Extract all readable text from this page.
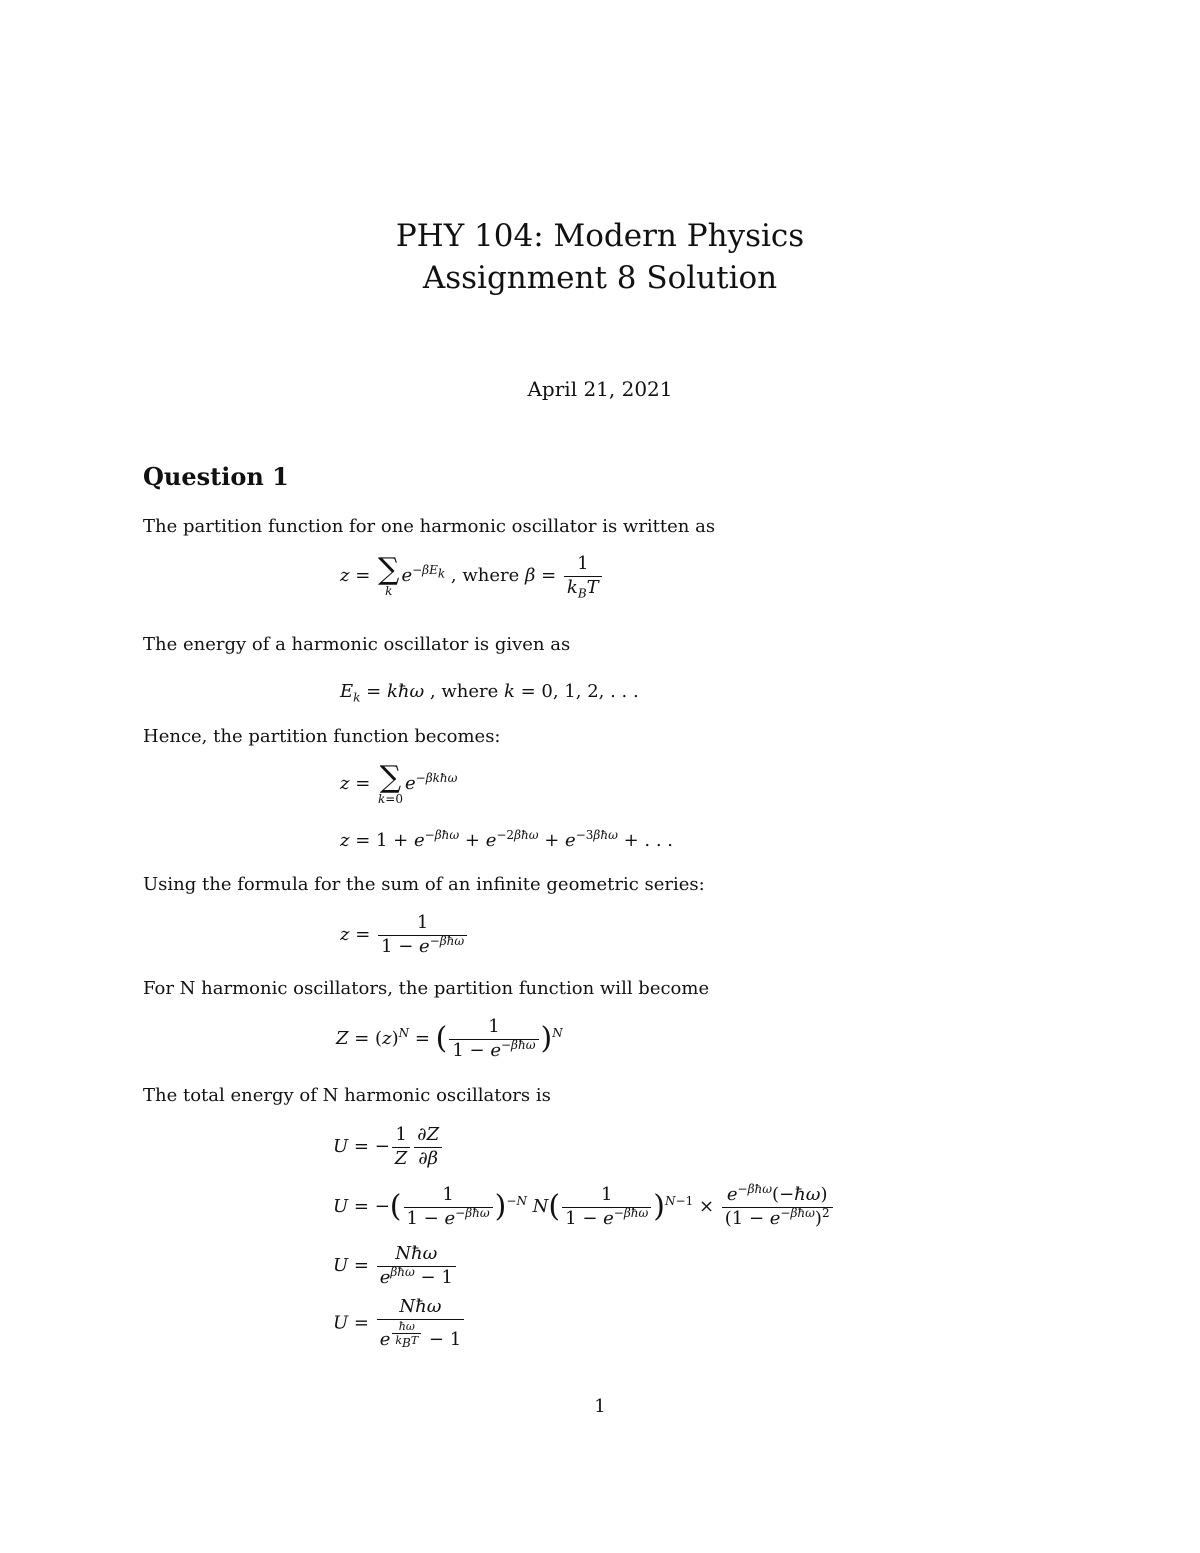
PHY 104: Modern Physics
Assignment 8 Solution
April 21, 2021
Question 1
The partition function for one harmonic oscillator is written as
z = ∑
k
$e^{-\beta E_k}$ , where $\beta = \frac{1}{k_BT}$
The energy of a harmonic oscillator is given as
$E_k$ = kħω , where k = 0, 1, 2, . . .
Hence, the partition function becomes:
z = ∑
k=0
$e^{-\beta kħ\omega}$
$z = 1 + e^{-\beta ħ\omega} + e^{-2\beta ħ\omega} + e^{-3\beta ħ\omega}$ + . . .
Using the formula for the sum of an infinite geometric series:
$z = \frac{1}{1 - e^{-\beta ħ\omega}}$
For N harmonic oscillators, the partition function will become
$Z = (z)^N$ = ( $\frac{1}{1 - e^{-\beta ħ\omega}} )^N$
The total energy of N harmonic oscillators is
U = − $\frac{1}{Z} \frac{\partial Z}{\partial\beta}$
U = −( $\frac{1}{1 - e^{-\beta ħ\omega}} )^{-N}$ $N( \frac{1}{1 - e^{-\beta ħ\omega}} )^{N-1} \times \frac{e^{-\beta ħ\omega}(-ħ\omega)}{(1 - e^{-\beta ħ\omega})^2}$
$U = \frac{\text{Nħω}}{e^{\beta ħ\omega} - 1}$
U = Nħω
e $^{\frac{ħ\omega}{k_BT}}$ − 1
1
